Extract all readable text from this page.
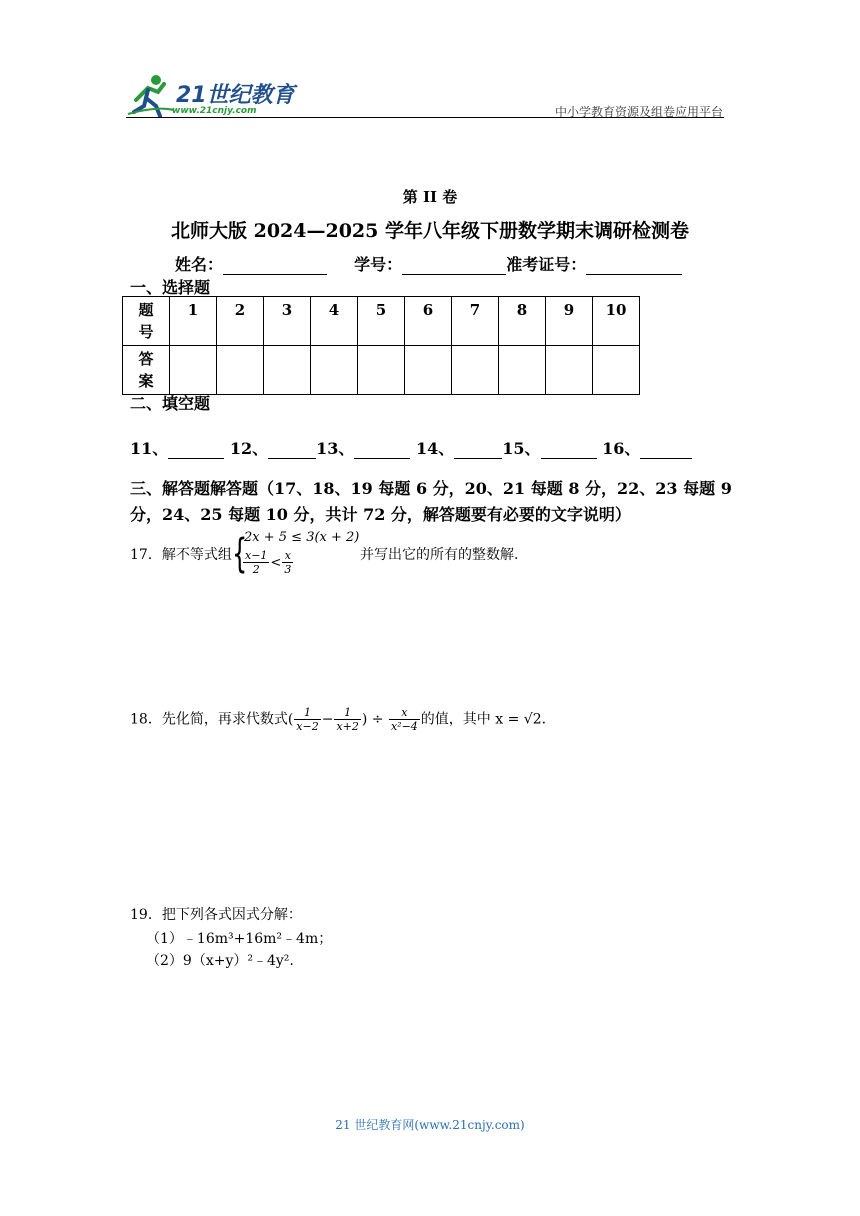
21世纪教育
www.21cnjy.com	中小学教育资源及组卷应用平台
第 II 卷
北师大版 2024—2025 学年八年级下册数学期末调研检测卷
姓名：	学号：	准考证号：
一、选择题
题号	1	2	3	4	5	6	7	8	9	10
答案										
二、填空题
11、	12、	13、	14、	15、	16、
三、解答题解答题（17、18、19 每题 6 分，20、21 每题 8 分，22、23 每题 9 分，24、25 每题 10 分，共计 72 分，解答题要有必要的文字说明）
17．解不等式组 {
2x + 5 ≤ 3(x + 2)
$\frac{x-1}{2} < \frac{x}{3}$	并写出它的所有的整数解.
18．先化简，再求代数式( $\frac{1}{x-2} - \frac{1}{x+2}$ ) ÷ $\frac{x}{\text{x²−4}}$ 的值，其中 x = √2.
19．把下列各式因式分解：
（1）﹣16m³+16m²﹣4m；
（2）9（x+y）²﹣4y².
21 世纪教育网(www.21cnjy.com)
